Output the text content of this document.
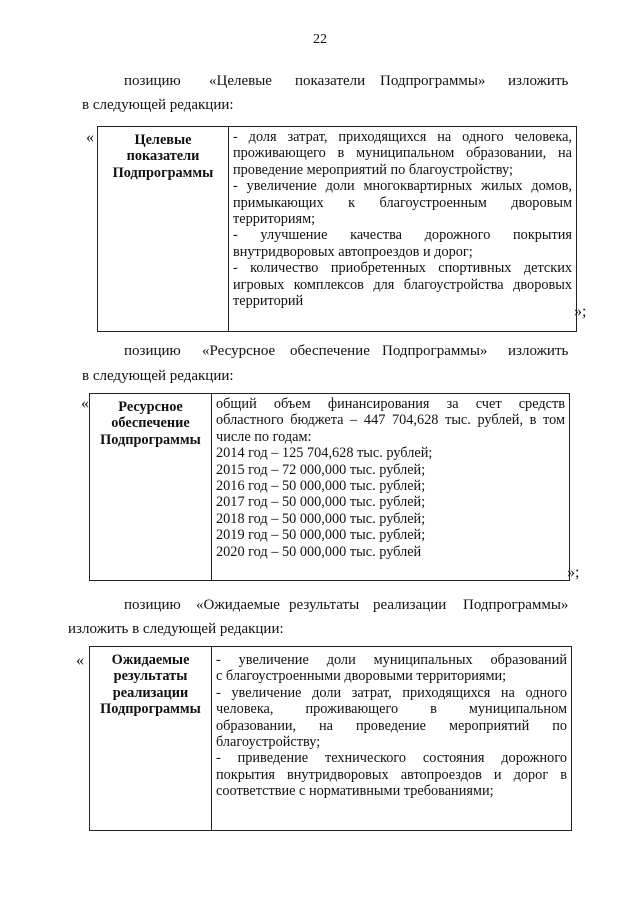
22
позицию «Целевые показатели Подпрограммы» изложить
в следующей редакции:
«	Целевые
показатели
Подпрограммы

- доля затрат, приходящихся на одного человека,
проживающего в муниципальном образовании, на
проведение мероприятий по благоустройству;
- увеличение доли многоквартирных жилых домов,
примыкающих к благоустроенным дворовым
территориям;
- улучшение качества дорожного покрытия
внутридворовых автопроездов и дорог;
- количество приобретенных спортивных детских
игровых комплексов для благоустройства дворовых
территорий
»;
позицию «Ресурсное обеспечение Подпрограммы» изложить
в следующей редакции:
«	Ресурсное
обеспечение
Подпрограммы

общий объем финансирования за счет средств
областного бюджета – 447 704,628 тыс. рублей, в том
числе по годам:
2014 год – 125 704,628 тыс. рублей;
2015 год – 72 000,000 тыс. рублей;
2016 год – 50 000,000 тыс. рублей;
2017 год – 50 000,000 тыс. рублей;
2018 год – 50 000,000 тыс. рублей;
2019 год – 50 000,000 тыс. рублей;
2020 год – 50 000,000 тыс. рублей
»;
позицию «Ожидаемые результаты реализации Подпрограммы»
изложить в следующей редакции:
«	Ожидаемые
результаты
реализации
Подпрограммы

- увеличение доли муниципальных образований
с благоустроенными дворовыми территориями;
- увеличение доли затрат, приходящихся на одного
человека, проживающего в муниципальном
образовании, на проведение мероприятий по
благоустройству;
- приведение технического состояния дорожного
покрытия внутридворовых автопроездов и дорог в
соответствие с нормативными требованиями;
